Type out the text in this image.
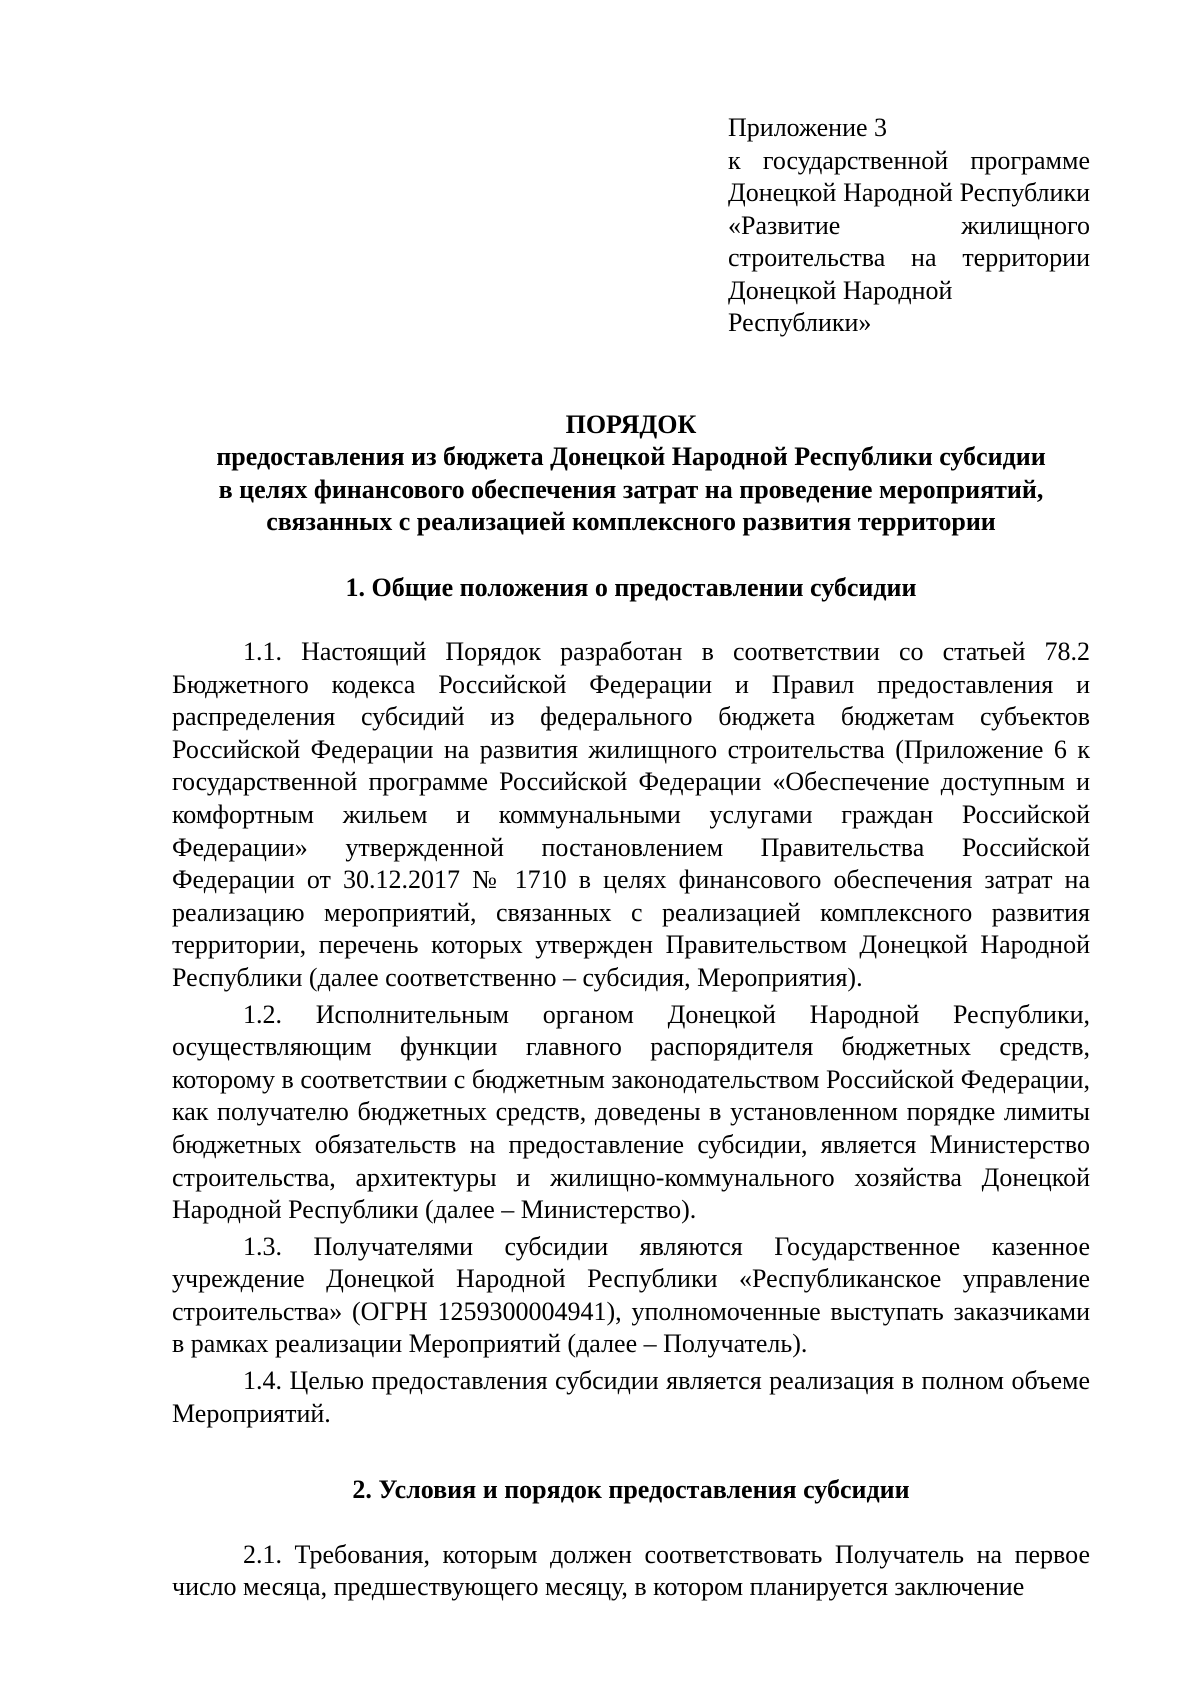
Приложение 3
к государственной программе
Донецкой Народной Республики
«Развитие жилищного
строительства на территории
Донецкой Народной Республики»
ПОРЯДОК
предоставления из бюджета Донецкой Народной Республики субсидии
в целях финансового обеспечения затрат на проведение мероприятий,
связанных с реализацией комплексного развития территории
1. Общие положения о предоставлении субсидии

1.1. Настоящий Порядок разработан в соответствии со статьей 78.2 Бюджетного кодекса Российской Федерации и Правил предоставления и распределения субсидий из федерального бюджета бюджетам субъектов Российской Федерации на развития жилищного строительства (Приложение 6 к государственной программе Российской Федерации «Обеспечение доступным и комфортным жильем и коммунальными услугами граждан Российской Федерации» утвержденной постановлением Правительства Российской Федерации от 30.12.2017 № 1710 в целях финансового обеспечения затрат на реализацию мероприятий, связанных с реализацией комплексного развития территории, перечень которых утвержден Правительством Донецкой Народной Республики (далее соответственно – субсидия, Мероприятия).

1.2. Исполнительным органом Донецкой Народной Республики, осуществляющим функции главного распорядителя бюджетных средств, которому в соответствии с бюджетным законодательством Российской Федерации, как получателю бюджетных средств, доведены в установленном порядке лимиты бюджетных обязательств на предоставление субсидии, является Министерство строительства, архитектуры и жилищно-коммунального хозяйства Донецкой Народной Республики (далее – Министерство).

1.3. Получателями субсидии являются Государственное казенное учреждение Донецкой Народной Республики «Республиканское управление строительства» (ОГРН 1259300004941), уполномоченные выступать заказчиками в рамках реализации Мероприятий (далее – Получатель).

1.4. Целью предоставления субсидии является реализация в полном объеме Мероприятий.

2. Условия и порядок предоставления субсидии

2.1. Требования, которым должен соответствовать Получатель на первое число месяца, предшествующего месяцу, в котором планируется заключение
